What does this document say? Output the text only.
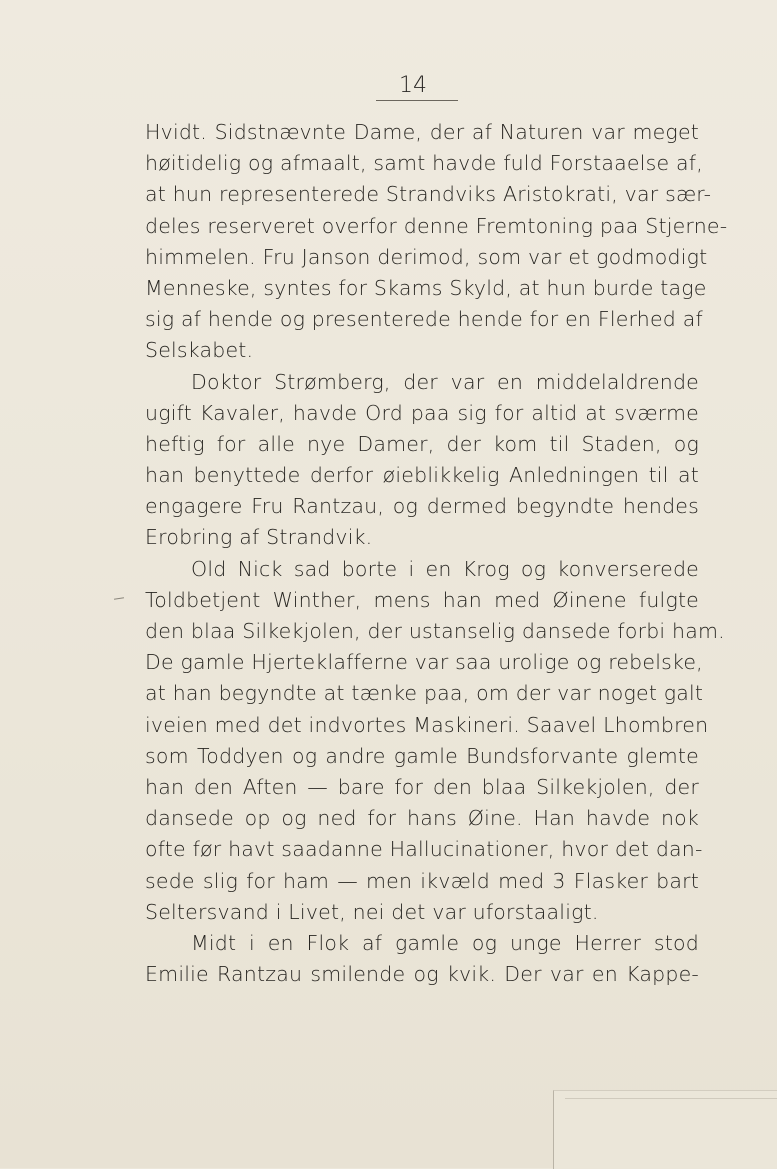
14
Hvidt. Sidstnævnte Dame, der af Naturen var meget
høitidelig og afmaalt, samt havde fuld Forstaaelse af,
at hun representerede Strandviks Aristokrati, var sær-
deles reserveret overfor denne Fremtoning paa Stjerne-
himmelen. Fru Janson derimod, som var et godmodigt
Menneske, syntes for Skams Skyld, at hun burde tage
sig af hende og presenterede hende for en Flerhed af
Selskabet.
Doktor Strømberg, der var en middelaldrende
ugift Kavaler, havde Ord paa sig for altid at sværme
heftig for alle nye Damer, der kom til Staden, og
han benyttede derfor øieblikkelig Anledningen til at
engagere Fru Rantzau, og dermed begyndte hendes
Erobring af Strandvik.
Old Nick sad borte i en Krog og konverserede
Toldbetjent Winther, mens han med Øinene fulgte
den blaa Silkekjolen, der ustanselig dansede forbi ham.
De gamle Hjerteklafferne var saa urolige og rebelske,
at han begyndte at tænke paa, om der var noget galt
iveien med det indvortes Maskineri. Saavel Lhombren
som Toddyen og andre gamle Bundsforvante glemte
han den Aften — bare for den blaa Silkekjolen, der
dansede op og ned for hans Øine. Han havde nok
ofte før havt saadanne Hallucinationer, hvor det dan-
sede slig for ham — men ikvæld med 3 Flasker bart
Seltersvand i Livet, nei det var uforstaaligt.
Midt i en Flok af gamle og unge Herrer stod
Emilie Rantzau smilende og kvik. Der var en Kappe-
